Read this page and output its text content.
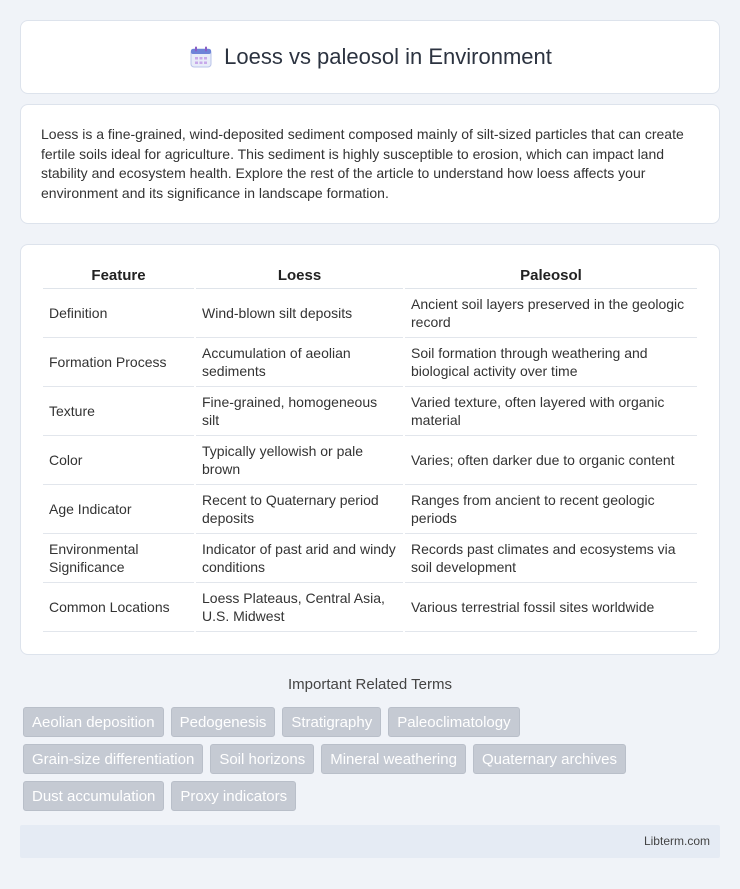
Loess vs paleosol in Environment

Loess is a fine-grained, wind-deposited sediment composed mainly of silt-sized particles that can create fertile soils ideal for agriculture. This sediment is highly susceptible to erosion, which can impact land stability and ecosystem health. Explore the rest of the article to understand how loess affects your environment and its significance in landscape formation.

Feature	Loess	Paleosol
Definition	Wind-blown silt deposits	Ancient soil layers preserved in the geologic record
Formation Process	Accumulation of aeolian sediments	Soil formation through weathering and biological activity over time
Texture	Fine-grained, homogeneous silt	Varied texture, often layered with organic material
Color	Typically yellowish or pale brown	Varies; often darker due to organic content
Age Indicator	Recent to Quaternary period deposits	Ranges from ancient to recent geologic periods
Environmental Significance	Indicator of past arid and windy conditions	Records past climates and ecosystems via soil development
Common Locations	Loess Plateaus, Central Asia, U.S. Midwest	Various terrestrial fossil sites worldwide
Important Related Terms
Aeolian deposition	Pedogenesis	Stratigraphy	Paleoclimatology
Grain-size differentiation	Soil horizons	Mineral weathering	Quaternary archives
Dust accumulation	Proxy indicators
Libterm.com
